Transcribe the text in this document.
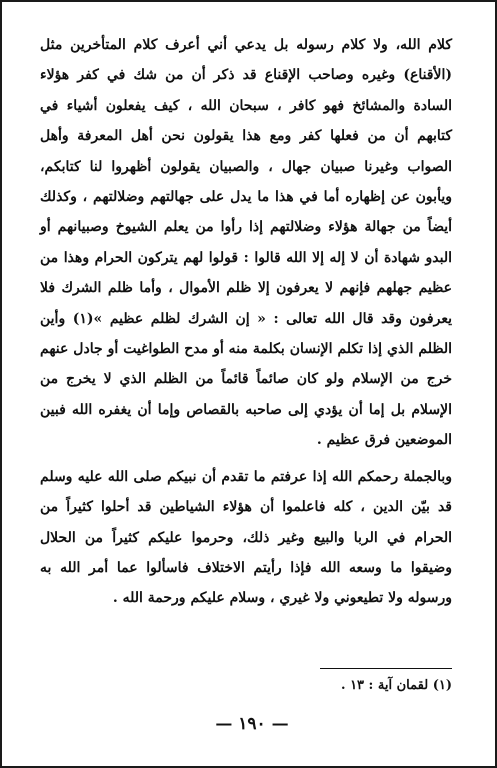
كلام الله، ولا كلام رسوله بل يدعي أني أعرف كلام المتأخرين مثل (الأقناع) وغيره وصاحب الإقناع قد ذكر أن من شك في كفر هؤلاء السادة والمشائخ فهو كافر ، سبحان الله ، كيف يفعلون أشياء في كتابهم أن من فعلها كفر ومع هذا يقولون نحن أهل المعرفة وأهل الصواب وغيرنا صبيان جهال ، والصبيان يقولون أظهروا لنا كتابكم، ويأبون عن إظهاره أما في هذا ما يدل على جهالتهم وضلالتهم ، وكذلك أيضاً من جهالة هؤلاء وضلالتهم إذا رأوا من يعلم الشيوخ وصبيانهم أو البدو شهادة أن لا إله إلا الله قالوا : قولوا لهم يتركون الحرام وهذا من عظيم جهلهم فإنهم لا يعرفون إلا ظلم الأموال ، وأما ظلم الشرك فلا يعرفون وقد قال الله تعالى : « إن الشرك لظلم عظيم »(١) وأين الظلم الذي إذا تكلم الإنسان بكلمة منه أو مدح الطواغيت أو جادل عنهم خرج من الإسلام ولو كان صائماً قائماً من الظلم الذي لا يخرج من الإسلام بل إما أن يؤدي إلى صاحبه بالقصاص وإما أن يغفره الله فبين الموضعين فرق عظيم .

وبالجملة رحمكم الله إذا عرفتم ما تقدم أن نبيكم صلى الله عليه وسلم قد بيّن الدين ، كله فاعلموا أن هؤلاء الشياطين قد أحلوا كثيراً من الحرام في الربا والبيع وغير ذلك، وحرموا عليكم كثيراً من الحلال وضيقوا ما وسعه الله فإذا رأيتم الاختلاف فاسألوا عما أمر الله به ورسوله ولا تطيعوني ولا غيري ، وسلام عليكم ورحمة الله .

(١) لقمان آية : ١٣ .
— ١٩٠ —
